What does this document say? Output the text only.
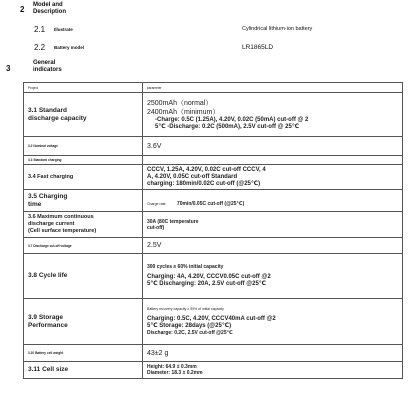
2 Model and
Description
2.1 Illustrate	Cylindrical lithium-ion battery
2.2 Battery model	LR1865LD
3
General
indicators
Project	parameter

3.1 Standard
discharge capacity	2500mAh（normal）
2400mAh（minimum）
-Charge: 0.5C (1.25A), 4.20V, 0.02C (50mA) cut-off @ 2
5℃ -Discharge: 0.2C (500mA), 2.5V cut-off @ 25℃

3.2 Nominal voltage	3.6V
3.3 Standard charging	
3.4 Fast charging	CCCV, 1.25A, 4.20V, 0.02C cut-off CCCV, 4
A, 4.20V, 0.05C cut-off Standard
charging: 180min/0.02C cut-off (@25℃)

3.5 Charging
time	Charge rate: 70min/0.05C cut-off (@25℃)

3.6 Maximum continuous
discharge current
(Cell surface temperature)	30A (80C temperature
cut-off)

3.7 Discharge cut-off voltage	2.5V
3.8 Cycle life	300 cycles ≥ 60% initial capacity
Charging: 4A, 4.20V, CCCV0.05C cut-off @2
5℃ Discharging: 20A, 2.5V cut-off @25℃

3.9 Storage
Performance	Battery recovery capacity ≥ 90% of initial capacity
Charging: 0.5C, 4.20V, CCCV40mA cut-off @2
5℃ Storage: 28days (@25℃)
Discharge: 0.2C, 2.5V cut-off @25℃

3.10 Battery cell weight	43±2 g
3.11 Cell size	Height: 64.9 ± 0.3mm
Diameter: 18.3 ± 0.2mm
